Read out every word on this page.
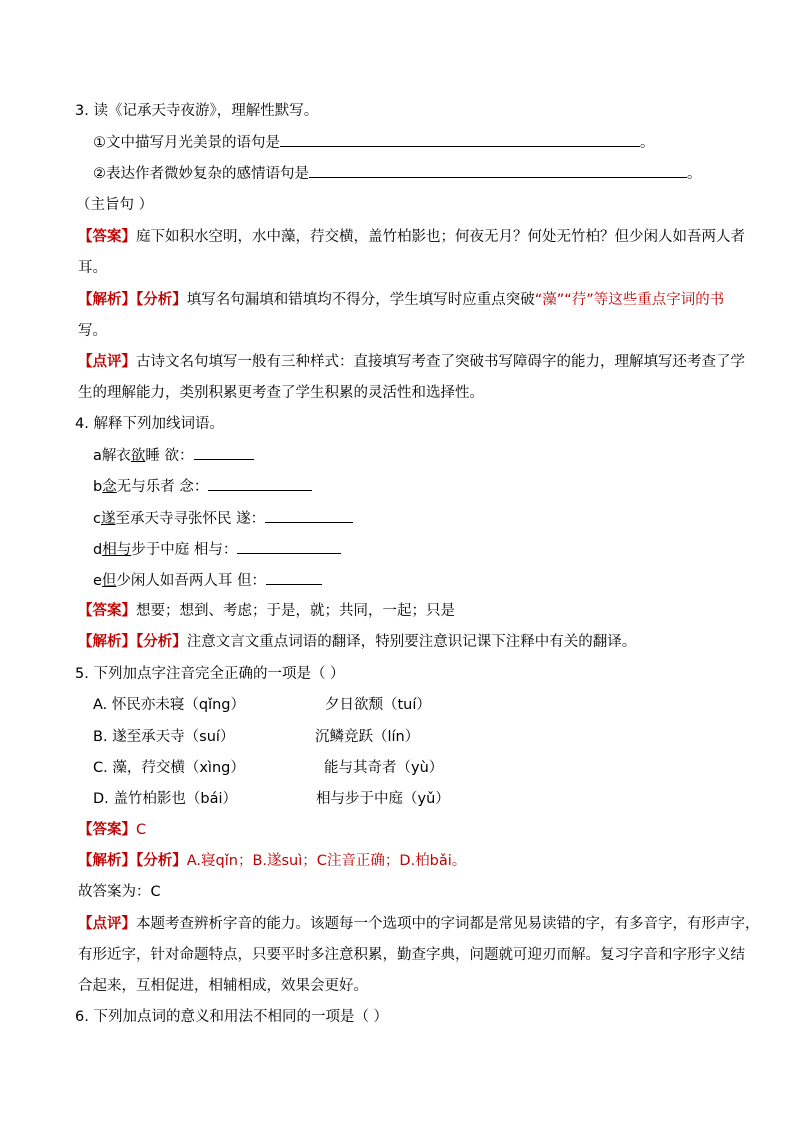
3. 读《记承天寺夜游》，理解性默写。
①文中描写月光美景的语句是	。
②表达作者微妙复杂的感情语句是	。
（主旨句 ）
【答案】庭下如积水空明，水中藻，荇交横，盖竹柏影也；何夜无月？何处无竹柏？但少闲人如吾两人者
耳。
【解析】【分析】填写名句漏填和错填均不得分，学生填写时应重点突破“藻”“荇”等这些重点字词的书
写。
【点评】古诗文名句填写一般有三种样式：直接填写考查了突破书写障碍字的能力，理解填写还考查了学
生的理解能力，类别积累更考查了学生积累的灵活性和选择性。
4. 解释下列加线词语。
a解衣欲睡 欲：
b念无与乐者 念：
c遂至承天寺寻张怀民 遂：
d相与步于中庭 相与：
e但少闲人如吾两人耳 但：
【答案】想要；想到、考虑；于是，就；共同，一起；只是
【解析】【分析】注意文言文重点词语的翻译，特别要注意识记课下注释中有关的翻译。
5. 下列加点字注音完全正确的一项是（ ）
A. 怀民亦未寝（qǐng）	夕日欲颓（tuí）
B. 遂至承天寺（suí）	沉鳞竞跃（lín）
C. 藻，荇交横（xìng）	能与其奇者（yù）
D. 盖竹柏影也（bái）	相与步于中庭（yǔ）
【答案】C
【解析】【分析】A.寝qǐn；B.遂suì；C注音正确；D.柏bǎi。
故答案为：C
【点评】本题考查辨析字音的能力。该题每一个选项中的字词都是常见易读错的字，有多音字，有形声字，
有形近字，针对命题特点，只要平时多注意积累，勤查字典，问题就可迎刃而解。复习字音和字形字义结
合起来，互相促进，相辅相成，效果会更好。
6. 下列加点词的意义和用法不相同的一项是（ ）
